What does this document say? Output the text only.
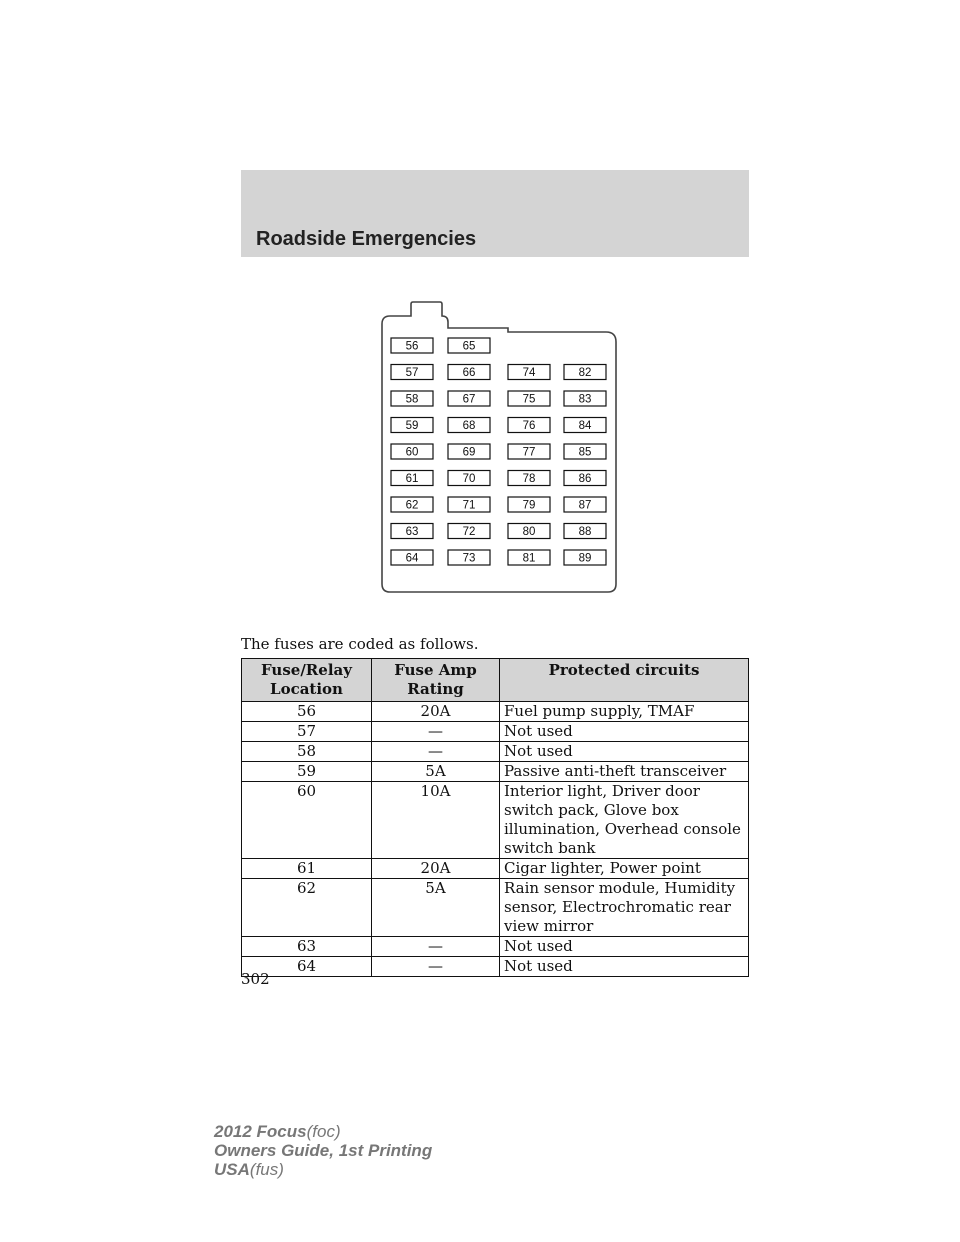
Roadside Emergencies
56
57
58
59
60
61
62
63
64
65
66
67
68
69
70
71
72
73
74
75
76
77
78
79
80
81
82
83
84
85
86
87
88
89
The fuses are coded as follows.
Fuse/Relay Location	Fuse Amp Rating	Protected circuits
56	20A	Fuel pump supply, TMAF
57	—	Not used
58	—	Not used
59	5A	Passive anti-theft transceiver
60	10A	Interior light, Driver door switch pack, Glove box illumination, Overhead console switch bank
61	20A	Cigar lighter, Power point
62	5A	Rain sensor module, Humidity sensor, Electrochromatic rear view mirror
63	—	Not used
64	—	Not used
302
2012 Focus(foc)
Owners Guide, 1st Printing
USA(fus)
